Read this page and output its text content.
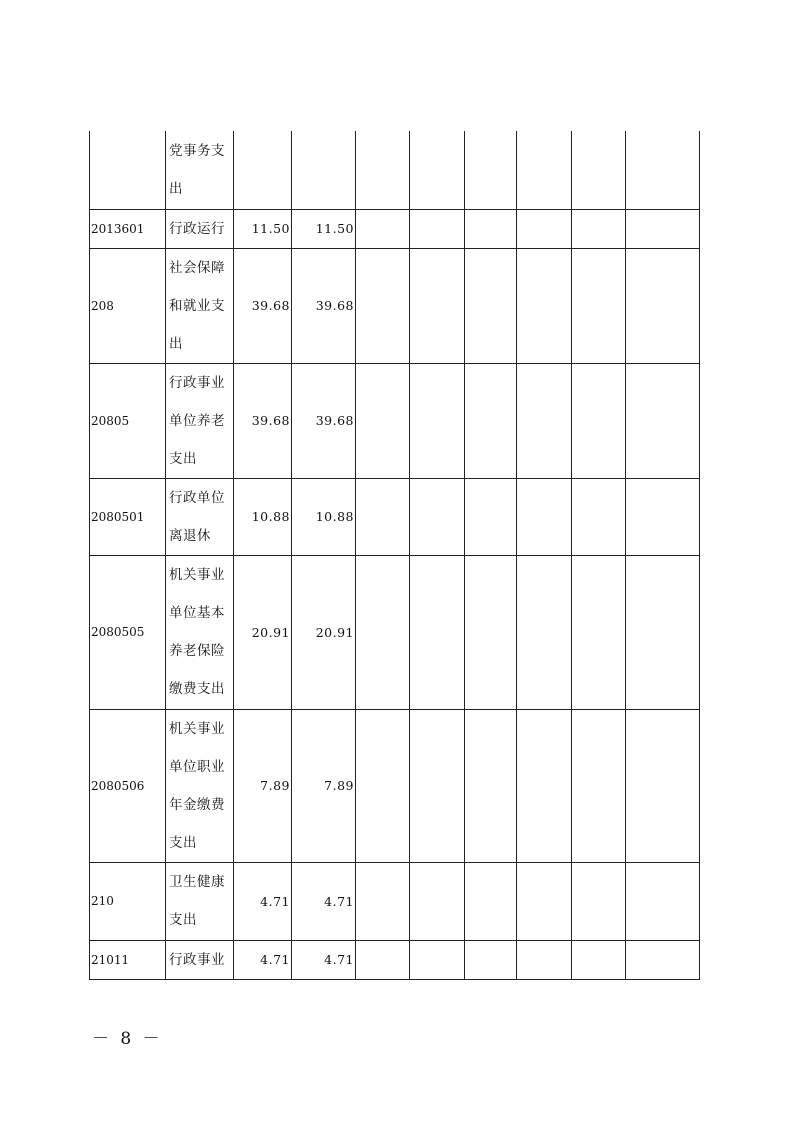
	党事务支出								
2013601	行政运行	11.50	11.50						
208	社会保障和就业支出	39.68	39.68						
20805	行政事业单位养老支出	39.68	39.68						
2080501	行政单位离退休	10.88	10.88						
2080505	机关事业单位基本养老保险缴费支出	20.91	20.91						
2080506	机关事业单位职业年金缴费支出	7.89	7.89						
210	卫生健康支出	4.71	4.71						
21011	行政事业	4.71	4.71						
－ 8 －
